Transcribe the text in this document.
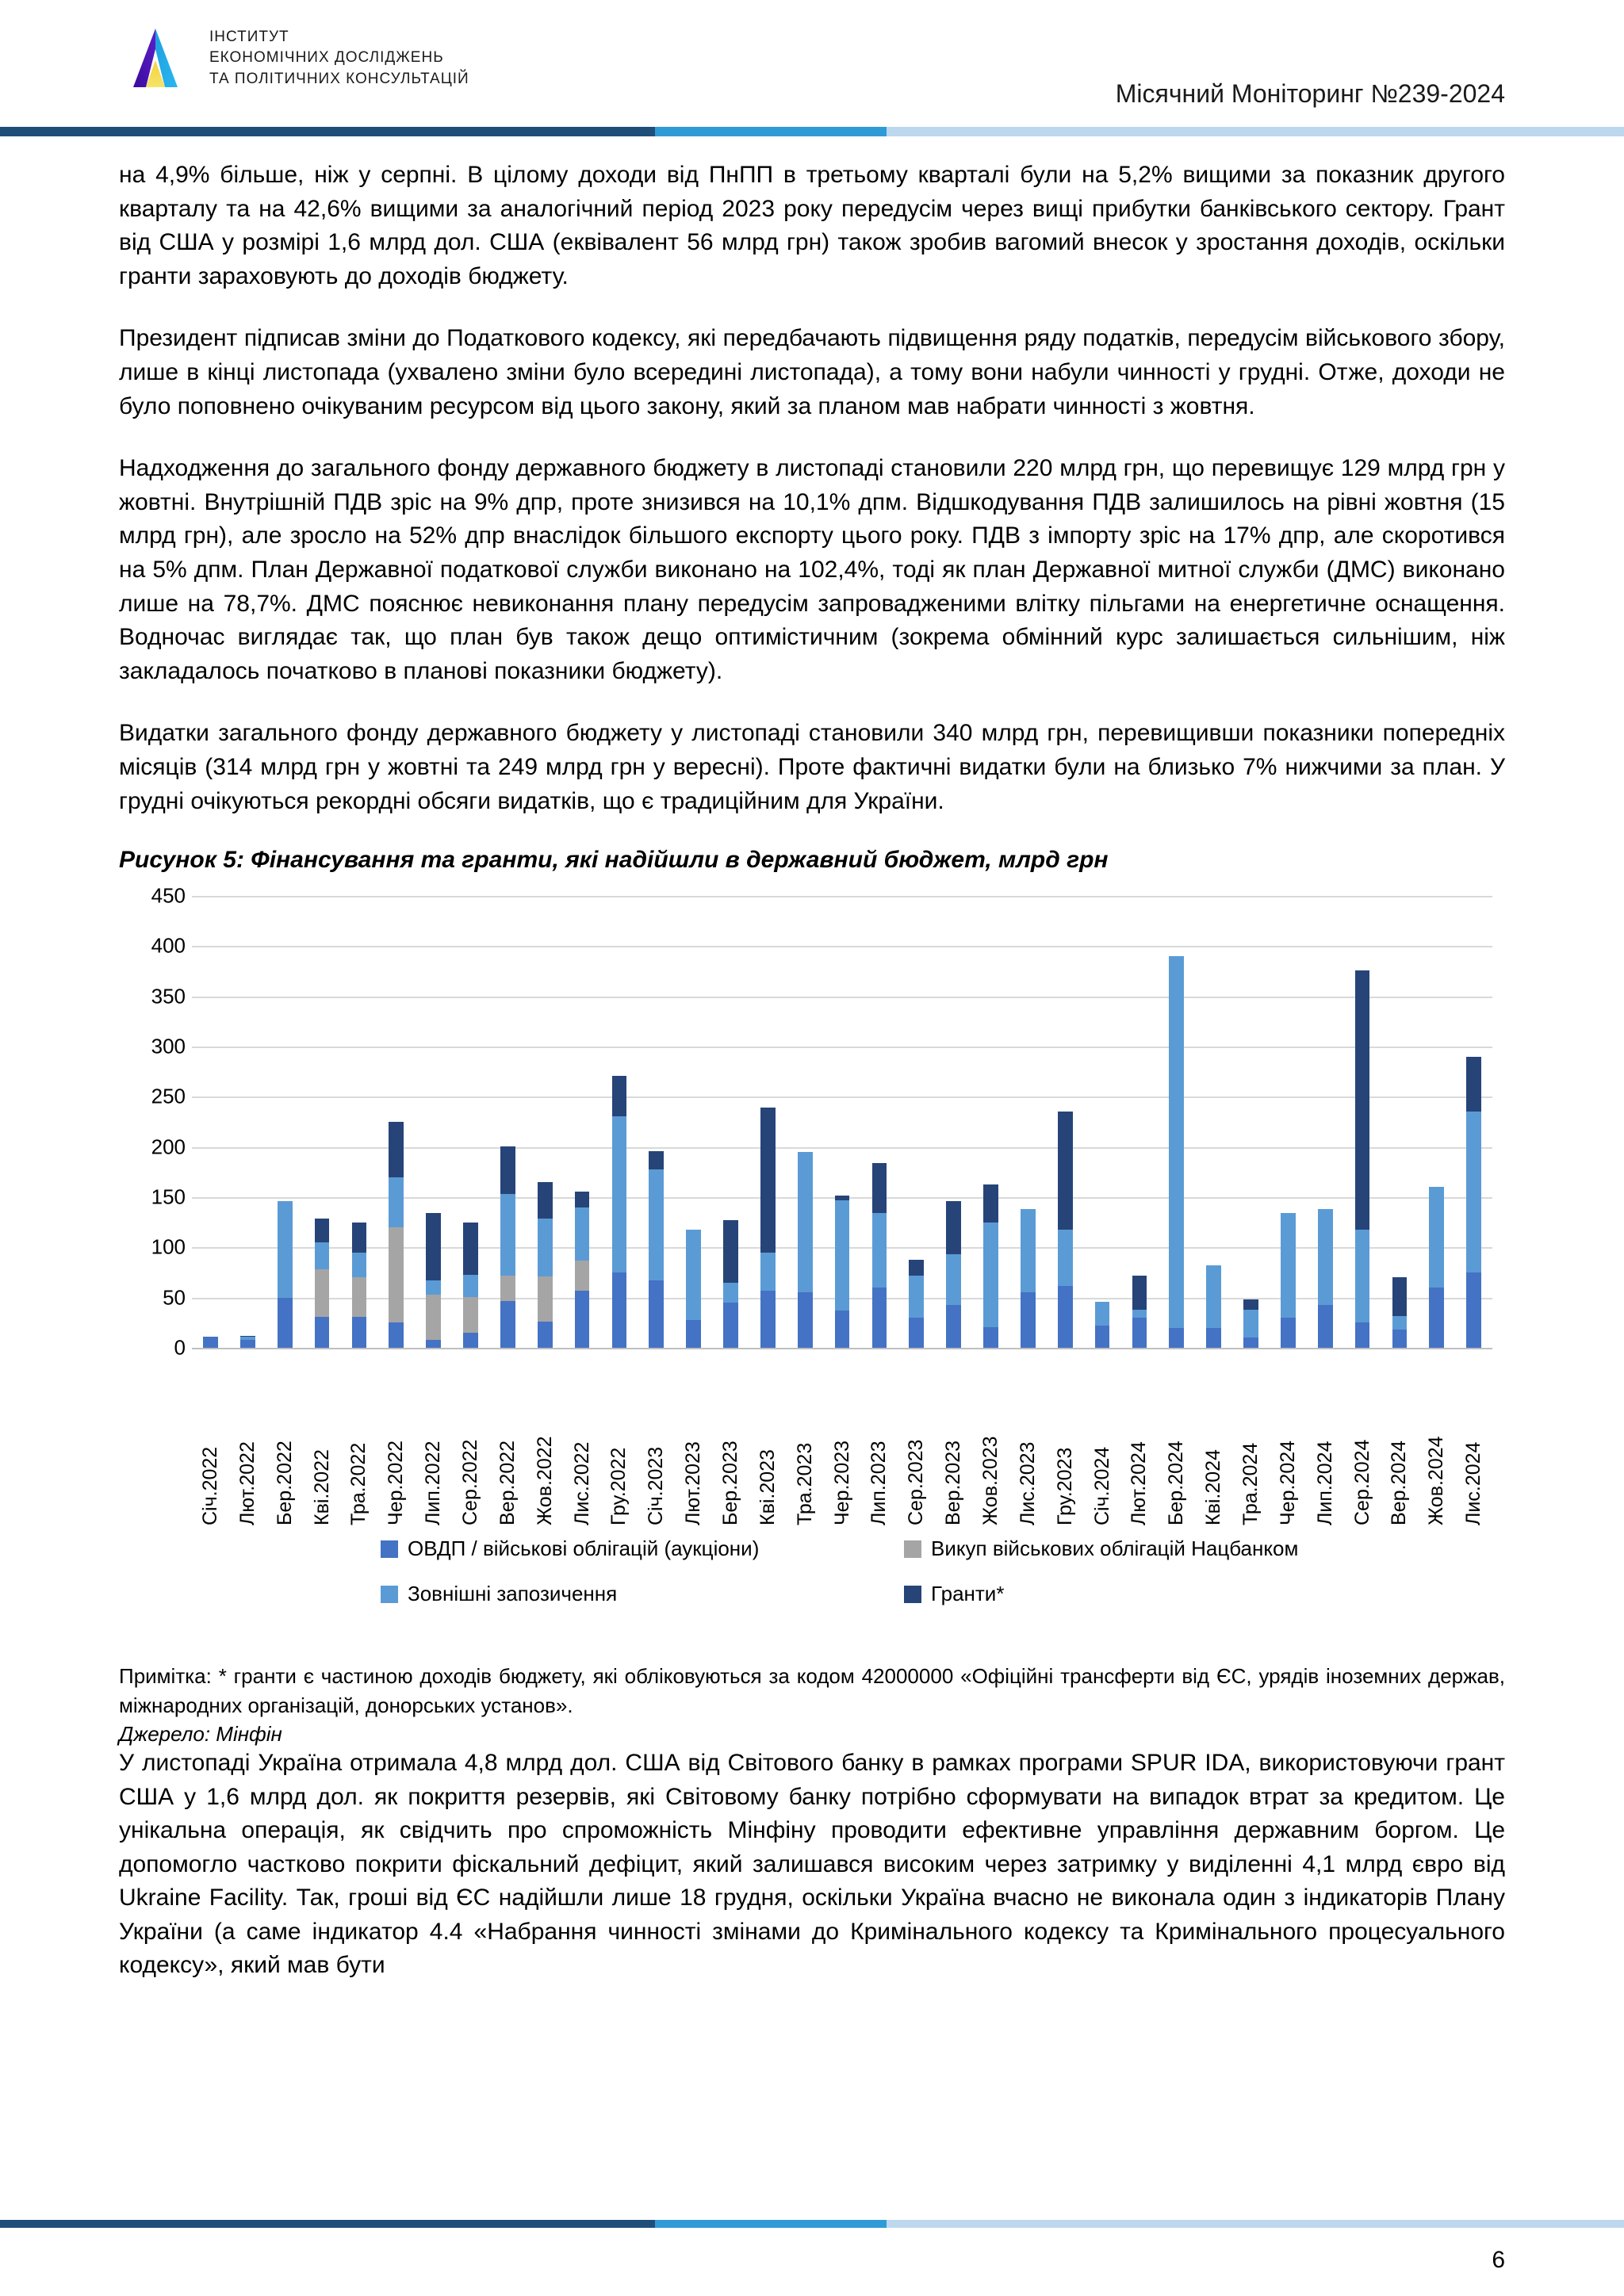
ІНСТИТУТ
ЕКОНОМІЧНИХ ДОСЛІДЖЕНЬ
ТА ПОЛІТИЧНИХ КОНСУЛЬТАЦІЙ
Місячний Моніторинг №239-2024

на 4,9% більше, ніж у серпні. В цілому доходи від ПнПП в третьому кварталі були на 5,2% вищими за показник другого кварталу та на 42,6% вищими за аналогічний період 2023 року передусім через вищі прибутки банківського сектору. Грант від США у розмірі 1,6 млрд дол. США (еквівалент 56 млрд грн) також зробив вагомий внесок у зростання доходів, оскільки гранти зараховують до доходів бюджету.

Президент підписав зміни до Податкового кодексу, які передбачають підвищення ряду податків, передусім військового збору, лише в кінці листопада (ухвалено зміни було всередині листопада), а тому вони набули чинності у грудні. Отже, доходи не було поповнено очікуваним ресурсом від цього закону, який за планом мав набрати чинності з жовтня.

Надходження до загального фонду державного бюджету в листопаді становили 220 млрд грн, що перевищує 129 млрд грн у жовтні. Внутрішній ПДВ зріс на 9% дпр, проте знизився на 10,1% дпм. Відшкодування ПДВ залишилось на рівні жовтня (15 млрд грн), але зросло на 52% дпр внаслідок більшого експорту цього року. ПДВ з імпорту зріс на 17% дпр, але скоротився на 5% дпм. План Державної податкової служби виконано на 102,4%, тоді як план Державної митної служби (ДМС) виконано лише на 78,7%. ДМС пояснює невиконання плану передусім запровадженими влітку пільгами на енергетичне оснащення. Водночас виглядає так, що план був також дещо оптимістичним (зокрема обмінний курс залишається сильнішим, ніж закладалось початково в планові показники бюджету).

Видатки загального фонду державного бюджету у листопаді становили 340 млрд грн, перевищивши показники попередніх місяців (314 млрд грн у жовтні та 249 млрд грн у вересні). Проте фактичні видатки були на близько 7% нижчими за план. У грудні очікуються рекордні обсяги видатків, що є традиційним для України.

Рисунок 5: Фінансування та гранти, які надійшли в державний бюджет, млрд грн
0
50
100
150
200
250
300
350
400
450
Січ.2022 Лют.2022 Бер.2022 Кві.2022 Тра.2022 Чер.2022 Лип.2022 Сер.2022 Вер.2022 Жов.2022 Лис.2022 Гру.2022 Січ.2023 Лют.2023 Бер.2023 Кві.2023 Тра.2023 Чер.2023 Лип.2023 Сер.2023 Вер.2023 Жов.2023 Лис.2023 Гру.2023 Січ.2024 Лют.2024 Бер.2024 Кві.2024 Тра.2024 Чер.2024 Лип.2024 Сер.2024 Вер.2024 Жов.2024 Лис.2024
ОВДП / військові облігацій (аукціони)	Викуп військових облігацій Нацбанком
Зовнішні запозичення	Гранти*
Примітка: * гранти є частиною доходів бюджету, які обліковуються за кодом 42000000 «Офіційні трансферти від ЄС, урядів іноземних держав, міжнародних організацій, донорських установ».
Джерело: Мінфін

У листопаді Україна отримала 4,8 млрд дол. США від Світового банку в рамках програми SPUR IDA, використовуючи грант США у 1,6 млрд дол. як покриття резервів, які Світовому банку потрібно сформувати на випадок втрат за кредитом. Це унікальна операція, як свідчить про спроможність Мінфіну проводити ефективне управління державним боргом. Це допомогло частково покрити фіскальний дефіцит, який залишався високим через затримку у виділенні 4,1 млрд євро від Ukraine Facility. Так, гроші від ЄС надійшли лише 18 грудня, оскільки Україна вчасно не виконала один з індикаторів Плану України (а саме індикатор 4.4 «Набрання чинності змінами до Кримінального кодексу та Кримінального процесуального кодексу», який мав бути

6
